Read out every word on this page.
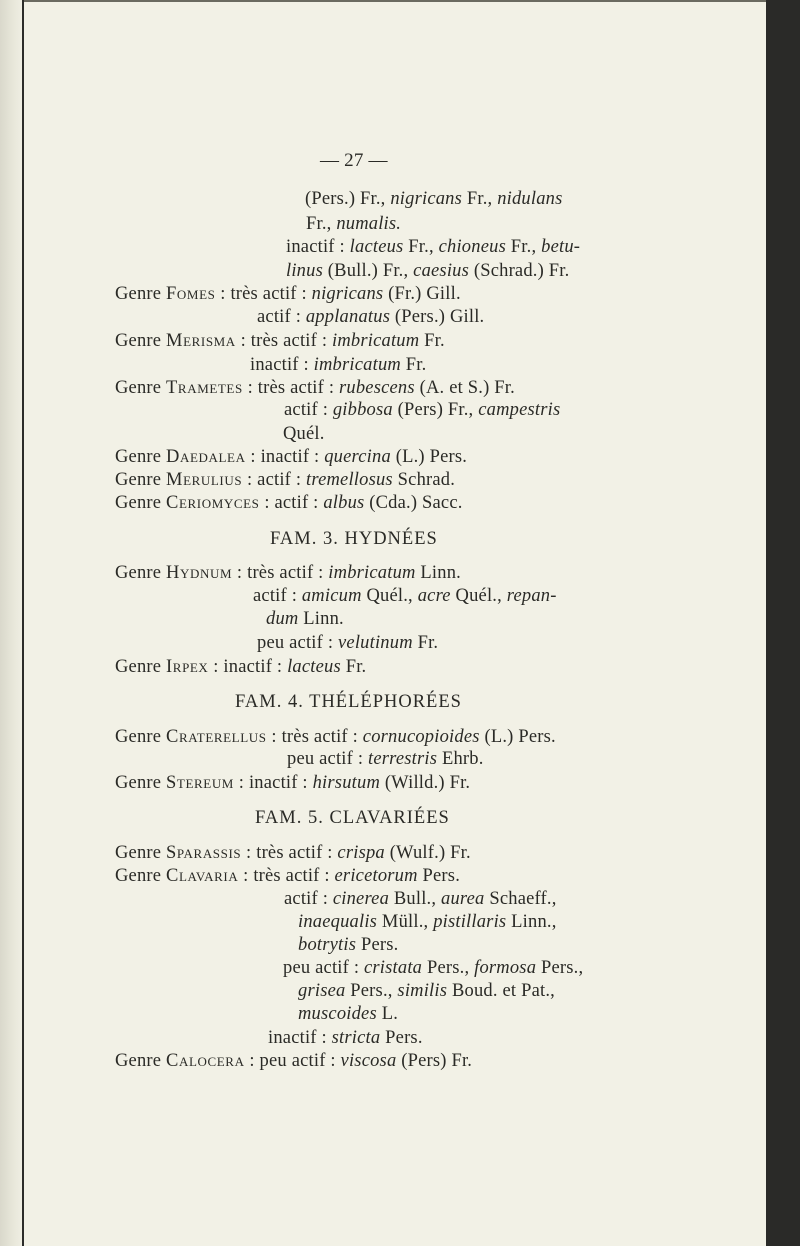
— 27 —
(Pers.) Fr., nigricans Fr., nidulans
Fr., numalis.
inactif : lacteus Fr., chioneus Fr., betu-
linus (Bull.) Fr., caesius (Schrad.) Fr.
Genre Fomes : très actif : nigricans (Fr.) Gill.
actif : applanatus (Pers.) Gill.
Genre Merisma : très actif : imbricatum Fr.
inactif : imbricatum Fr.
Genre Trametes : très actif : rubescens (A. et S.) Fr.
actif : gibbosa (Pers) Fr., campestris
Quél.
Genre Daedalea : inactif : quercina (L.) Pers.
Genre Merulius : actif : tremellosus Schrad.
Genre Ceriomyces : actif : albus (Cda.) Sacc.
FAM. 3. HYDNÉES
Genre Hydnum : très actif : imbricatum Linn.
actif : amicum Quél., acre Quél., repan-
dum Linn.
peu actif : velutinum Fr.
Genre Irpex : inactif : lacteus Fr.
FAM. 4. THÉLÉPHORÉES
Genre Craterellus : très actif : cornucopioides (L.) Pers.
peu actif : terrestris Ehrb.
Genre Stereum : inactif : hirsutum (Willd.) Fr.
FAM. 5. CLAVARIÉES
Genre Sparassis : très actif : crispa (Wulf.) Fr.
Genre Clavaria : très actif : ericetorum Pers.
actif : cinerea Bull., aurea Schaeff.,
inaequalis Müll., pistillaris Linn.,
botrytis Pers.
peu actif : cristata Pers., formosa Pers.,
grisea Pers., similis Boud. et Pat.,
muscoides L.
inactif : stricta Pers.
Genre Calocera : peu actif : viscosa (Pers) Fr.
